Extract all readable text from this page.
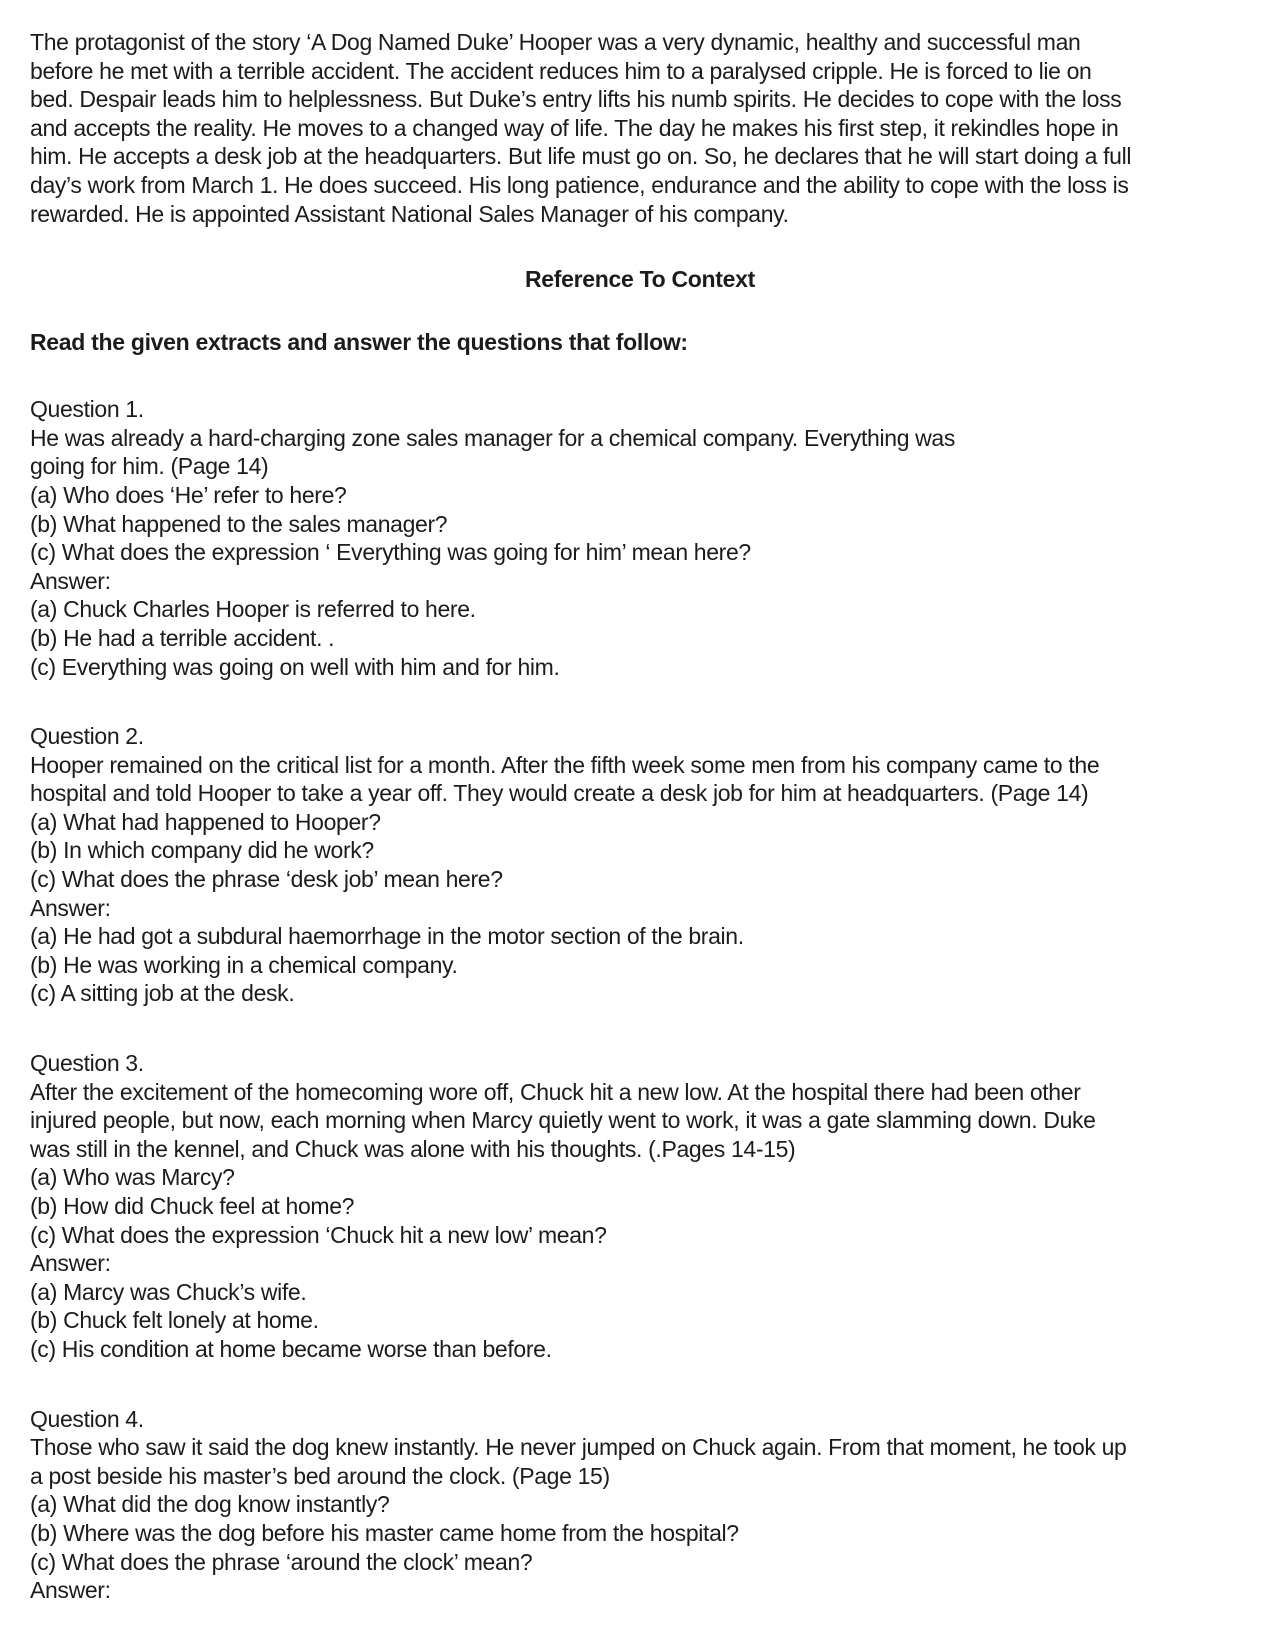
The protagonist of the story ‘A Dog Named Duke’ Hooper was a very dynamic, healthy and successful man
before he met with a terrible accident. The accident reduces him to a paralysed cripple. He is forced to lie on
bed. Despair leads him to helplessness. But Duke’s entry lifts his numb spirits. He decides to cope with the loss
and accepts the reality. He moves to a changed way of life. The day he makes his first step, it rekindles hope in
him. He accepts a desk job at the headquarters. But life must go on. So, he declares that he will start doing a full
day’s work from March 1. He does succeed. His long patience, endurance and the ability to cope with the loss is
rewarded. He is appointed Assistant National Sales Manager of his company.
Reference To Context
Read the given extracts and answer the questions that follow:
Question 1.
He was already a hard-charging zone sales manager for a chemical company. Everything was
going for him. (Page 14)
(a) Who does ‘He’ refer to here?
(b) What happened to the sales manager?
(c) What does the expression ‘ Everything was going for him’ mean here?
Answer:
(a) Chuck Charles Hooper is referred to here.
(b) He had a terrible accident. .
(c) Everything was going on well with him and for him.
Question 2.
Hooper remained on the critical list for a month. After the fifth week some men from his company came to the
hospital and told Hooper to take a year off. They would create a desk job for him at headquarters. (Page 14)
(a) What had happened to Hooper?
(b) In which company did he work?
(c) What does the phrase ‘desk job’ mean here?
Answer:
(a) He had got a subdural haemorrhage in the motor section of the brain.
(b) He was working in a chemical company.
(c) A sitting job at the desk.
Question 3.
After the excitement of the homecoming wore off, Chuck hit a new low. At the hospital there had been other
injured people, but now, each morning when Marcy quietly went to work, it was a gate slamming down. Duke
was still in the kennel, and Chuck was alone with his thoughts. (.Pages 14-15)
(a) Who was Marcy?
(b) How did Chuck feel at home?
(c) What does the expression ‘Chuck hit a new low’ mean?
Answer:
(a) Marcy was Chuck’s wife.
(b) Chuck felt lonely at home.
(c) His condition at home became worse than before.
Question 4.
Those who saw it said the dog knew instantly. He never jumped on Chuck again. From that moment, he took up
a post beside his master’s bed around the clock. (Page 15)
(a) What did the dog know instantly?
(b) Where was the dog before his master came home from the hospital?
(c) What does the phrase ‘around the clock’ mean?
Answer:
